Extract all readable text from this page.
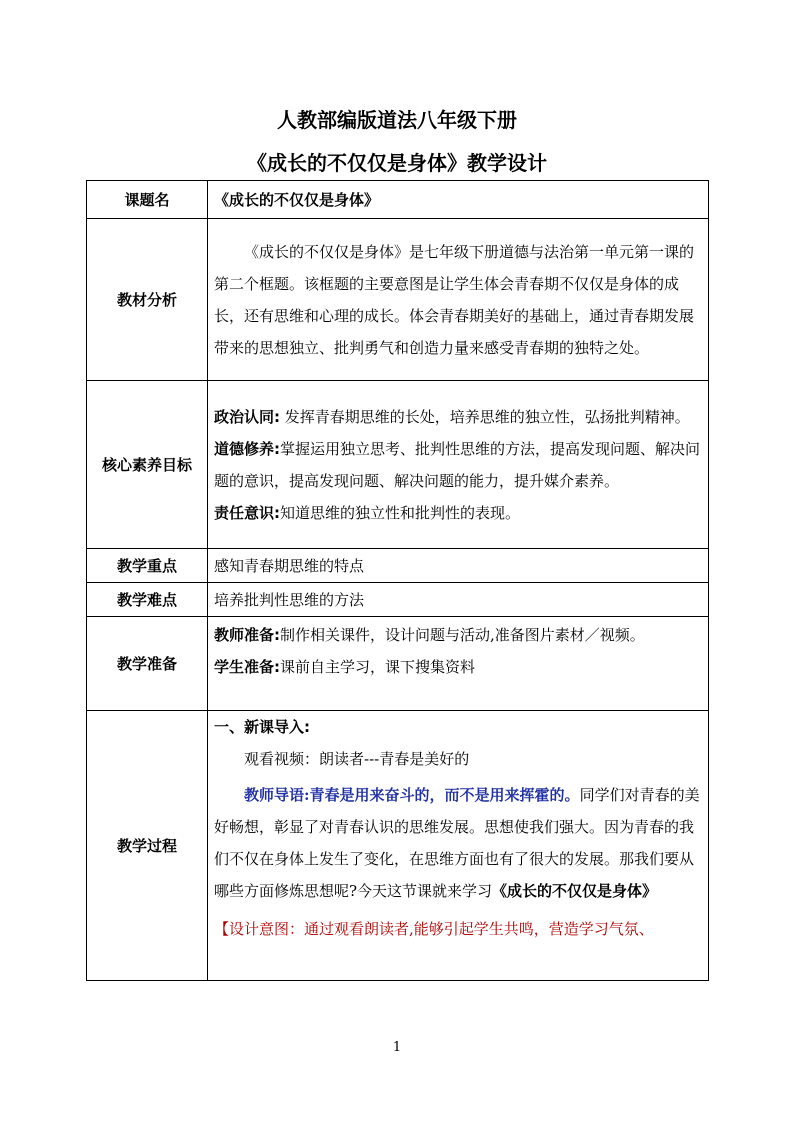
人教部编版道法八年级下册
《成长的不仅仅是身体》教学设计
课题名	《成长的不仅仅是身体》
教材分析	《成长的不仅仅是身体》是七年级下册道德与法治第一单元第一课的第二个框题。该框题的主要意图是让学生体会青春期不仅仅是身体的成长，还有思维和心理的成长。体会青春期美好的基础上，通过青春期发展带来的思想独立、批判勇气和创造力量来感受青春期的独特之处。

核心素养目标	政治认同: 发挥青春期思维的长处，培养思维的独立性，弘扬批判精神。

道德修养:掌握运用独立思考、批判性思维的方法，提高发现问题、解决问题的意识，提高发现问题、解决问题的能力，提升媒介素养。

责任意识:知道思维的独立性和批判性的表现。

教学重点	感知青春期思维的特点
教学难点	培养批判性思维的方法
教学准备	教师准备:制作相关课件，设计问题与活动,准备图片素材／视频。

学生准备:课前自主学习，课下搜集资料

教学过程	一、新课导入:

观看视频：朗读者---青春是美好的

教师导语:青春是用来奋斗的，而不是用来挥霍的。同学们对青春的美好畅想，彰显了对青春认识的思维发展。思想使我们强大。因为青春的我们不仅在身体上发生了变化，在思维方面也有了很大的发展。那我们要从哪些方面修炼思想呢?今天这节课就来学习《成长的不仅仅是身体》

【设计意图：通过观看朗读者,能够引起学生共鸣，营造学习气氛、

1
